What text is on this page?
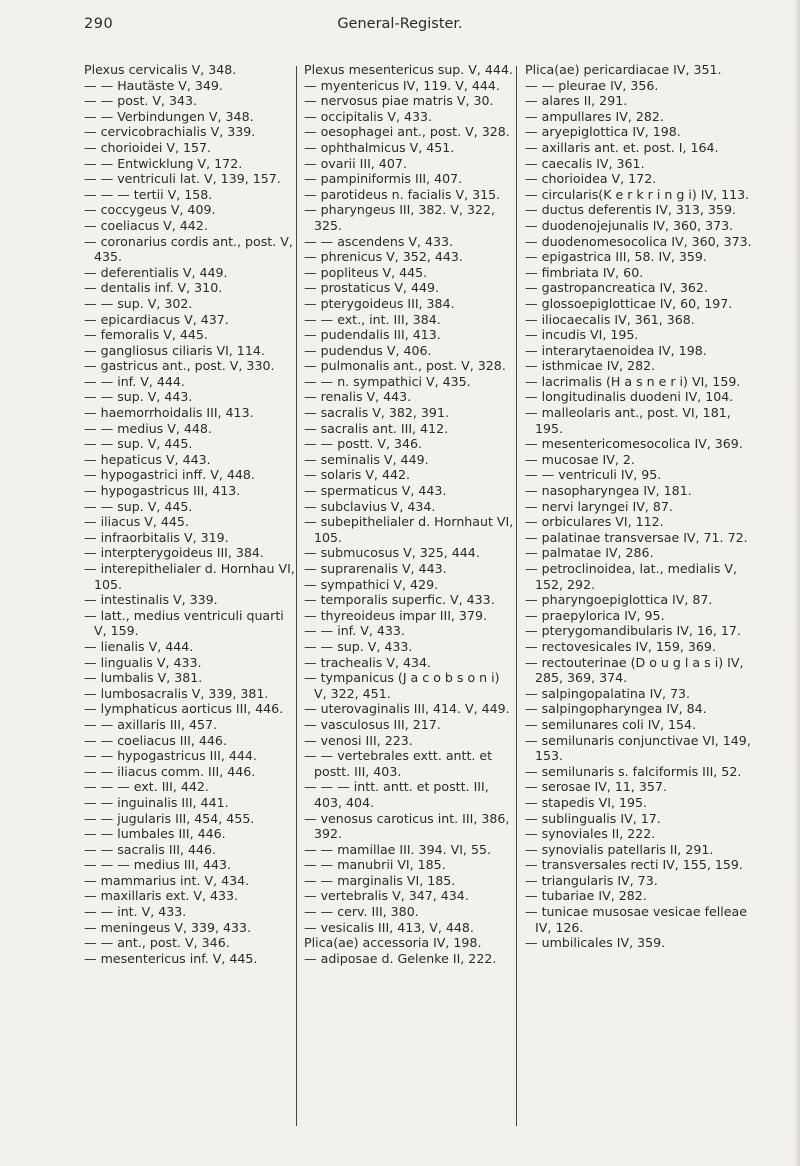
290	General-Register.
Plexus cervicalis V, 348.
— — Hautäste V, 349.
— — post. V, 343.
— — Verbindungen V, 348.
— cervicobrachialis V, 339.
— chorioidei V, 157.
— — Entwicklung V, 172.
— — ventriculi lat. V, 139, 157.
— — — tertii V, 158.
— coccygeus V, 409.
— coeliacus V, 442.
— coronarius cordis ant., post. V, 435.
— deferentialis V, 449.
— dentalis inf. V, 310.
— — sup. V, 302.
— epicardiacus V, 437.
— femoralis V, 445.
— gangliosus ciliaris VI, 114.
— gastricus ant., post. V, 330.
— — inf. V, 444.
— — sup. V, 443.
— haemorrhoidalis III, 413.
— — medius V, 448.
— — sup. V, 445.
— hepaticus V, 443.
— hypogastrici inff. V, 448.
— hypogastricus III, 413.
— — sup. V, 445.
— iliacus V, 445.
— infraorbitalis V, 319.
— interpterygoideus III, 384.
— interepithelialer d. Hornhau VI, 105.
— intestinalis V, 339.
— latt., medius ventriculi quarti V, 159.
— lienalis V, 444.
— lingualis V, 433.
— lumbalis V, 381.
— lumbosacralis V, 339, 381.
— lymphaticus aorticus III, 446.
— — axillaris III, 457.
— — coeliacus III, 446.
— — hypogastricus III, 444.
— — iliacus comm. III, 446.
— — — ext. III, 442.
— — inguinalis III, 441.
— — jugularis III, 454, 455.
— — lumbales III, 446.
— — sacralis III, 446.
— — — medius III, 443.
— mammarius int. V, 434.
— maxillaris ext. V, 433.
— — int. V, 433.
— meningeus V, 339, 433.
— — ant., post. V, 346.
— mesentericus inf. V, 445.
Plexus mesentericus sup. V, 444.
— myentericus IV, 119. V, 444.
— nervosus piae matris V, 30.
— occipitalis V, 433.
— oesophagei ant., post. V, 328.
— ophthalmicus V, 451.
— ovarii III, 407.
— pampiniformis III, 407.
— parotideus n. facialis V, 315.
— pharyngeus III, 382. V, 322, 325.
— — ascendens V, 433.
— phrenicus V, 352, 443.
— popliteus V, 445.
— prostaticus V, 449.
— pterygoideus III, 384.
— — ext., int. III, 384.
— pudendalis III, 413.
— pudendus V, 406.
— pulmonalis ant., post. V, 328.
— — n. sympathici V, 435.
— renalis V, 443.
— sacralis V, 382, 391.
— sacralis ant. III, 412.
— — postt. V, 346.
— seminalis V, 449.
— solaris V, 442.
— spermaticus V, 443.
— subclavius V, 434.
— subepithelialer d. Hornhaut VI, 105.
— submucosus V, 325, 444.
— suprarenalis V, 443.
— sympathici V, 429.
— temporalis superfic. V, 433.
— thyreoideus impar III, 379.
— — inf. V, 433.
— — sup. V, 433.
— trachealis V, 434.
— tympanicus (J a c o b s o n i) V, 322, 451.
— uterovaginalis III, 414. V, 449.
— vasculosus III, 217.
— venosi III, 223.
— — vertebrales extt. antt. et postt. III, 403.
— — — intt. antt. et postt. III, 403, 404.
— venosus caroticus int. III, 386, 392.
— — mamillae III. 394. VI, 55.
— — manubrii VI, 185.
— — marginalis VI, 185.
— vertebralis V, 347, 434.
— — cerv. III, 380.
— vesicalis III, 413, V, 448.
Plica(ae) accessoria IV, 198.
— adiposae d. Gelenke II, 222.
Plica(ae) pericardiacae IV, 351.
— — pleurae IV, 356.
— alares II, 291.
— ampullares IV, 282.
— aryepiglottica IV, 198.
— axillaris ant. et. post. I, 164.
— caecalis IV, 361.
— chorioidea V, 172.
— circularis(K e r k r i n g i) IV, 113.
— ductus deferentis IV, 313, 359.
— duodenojejunalis IV, 360, 373.
— duodenomesocolica IV, 360, 373.
— epigastrica III, 58. IV, 359.
— fimbriata IV, 60.
— gastropancreatica IV, 362.
— glossoepiglotticae IV, 60, 197.
— iliocaecalis IV, 361, 368.
— incudis VI, 195.
— interarytaenoidea IV, 198.
— isthmicae IV, 282.
— lacrimalis (H a s n e r i) VI, 159.
— longitudinalis duodeni IV, 104.
— malleolaris ant., post. VI, 181, 195.
— mesentericomesocolica IV, 369.
— mucosae IV, 2.
— — ventriculi IV, 95.
— nasopharyngea IV, 181.
— nervi laryngei IV, 87.
— orbiculares VI, 112.
— palatinae transversae IV, 71. 72.
— palmatae IV, 286.
— petroclinoidea, lat., medialis V, 152, 292.
— pharyngoepiglottica IV, 87.
— praepylorica IV, 95.
— pterygomandibularis IV, 16, 17.
— rectovesicales IV, 159, 369.
— rectouterinae (D o u g l a s i) IV, 285, 369, 374.
— salpingopalatina IV, 73.
— salpingopharyngea IV, 84.
— semilunares coli IV, 154.
— semilunaris conjunctivae VI, 149, 153.
— semilunaris s. falciformis III, 52.
— serosae IV, 11, 357.
— stapedis VI, 195.
— sublingualis IV, 17.
— synoviales II, 222.
— synovialis patellaris II, 291.
— transversales recti IV, 155, 159.
— triangularis IV, 73.
— tubariae IV, 282.
— tunicae musosae vesicae felleae IV, 126.
— umbilicales IV, 359.
